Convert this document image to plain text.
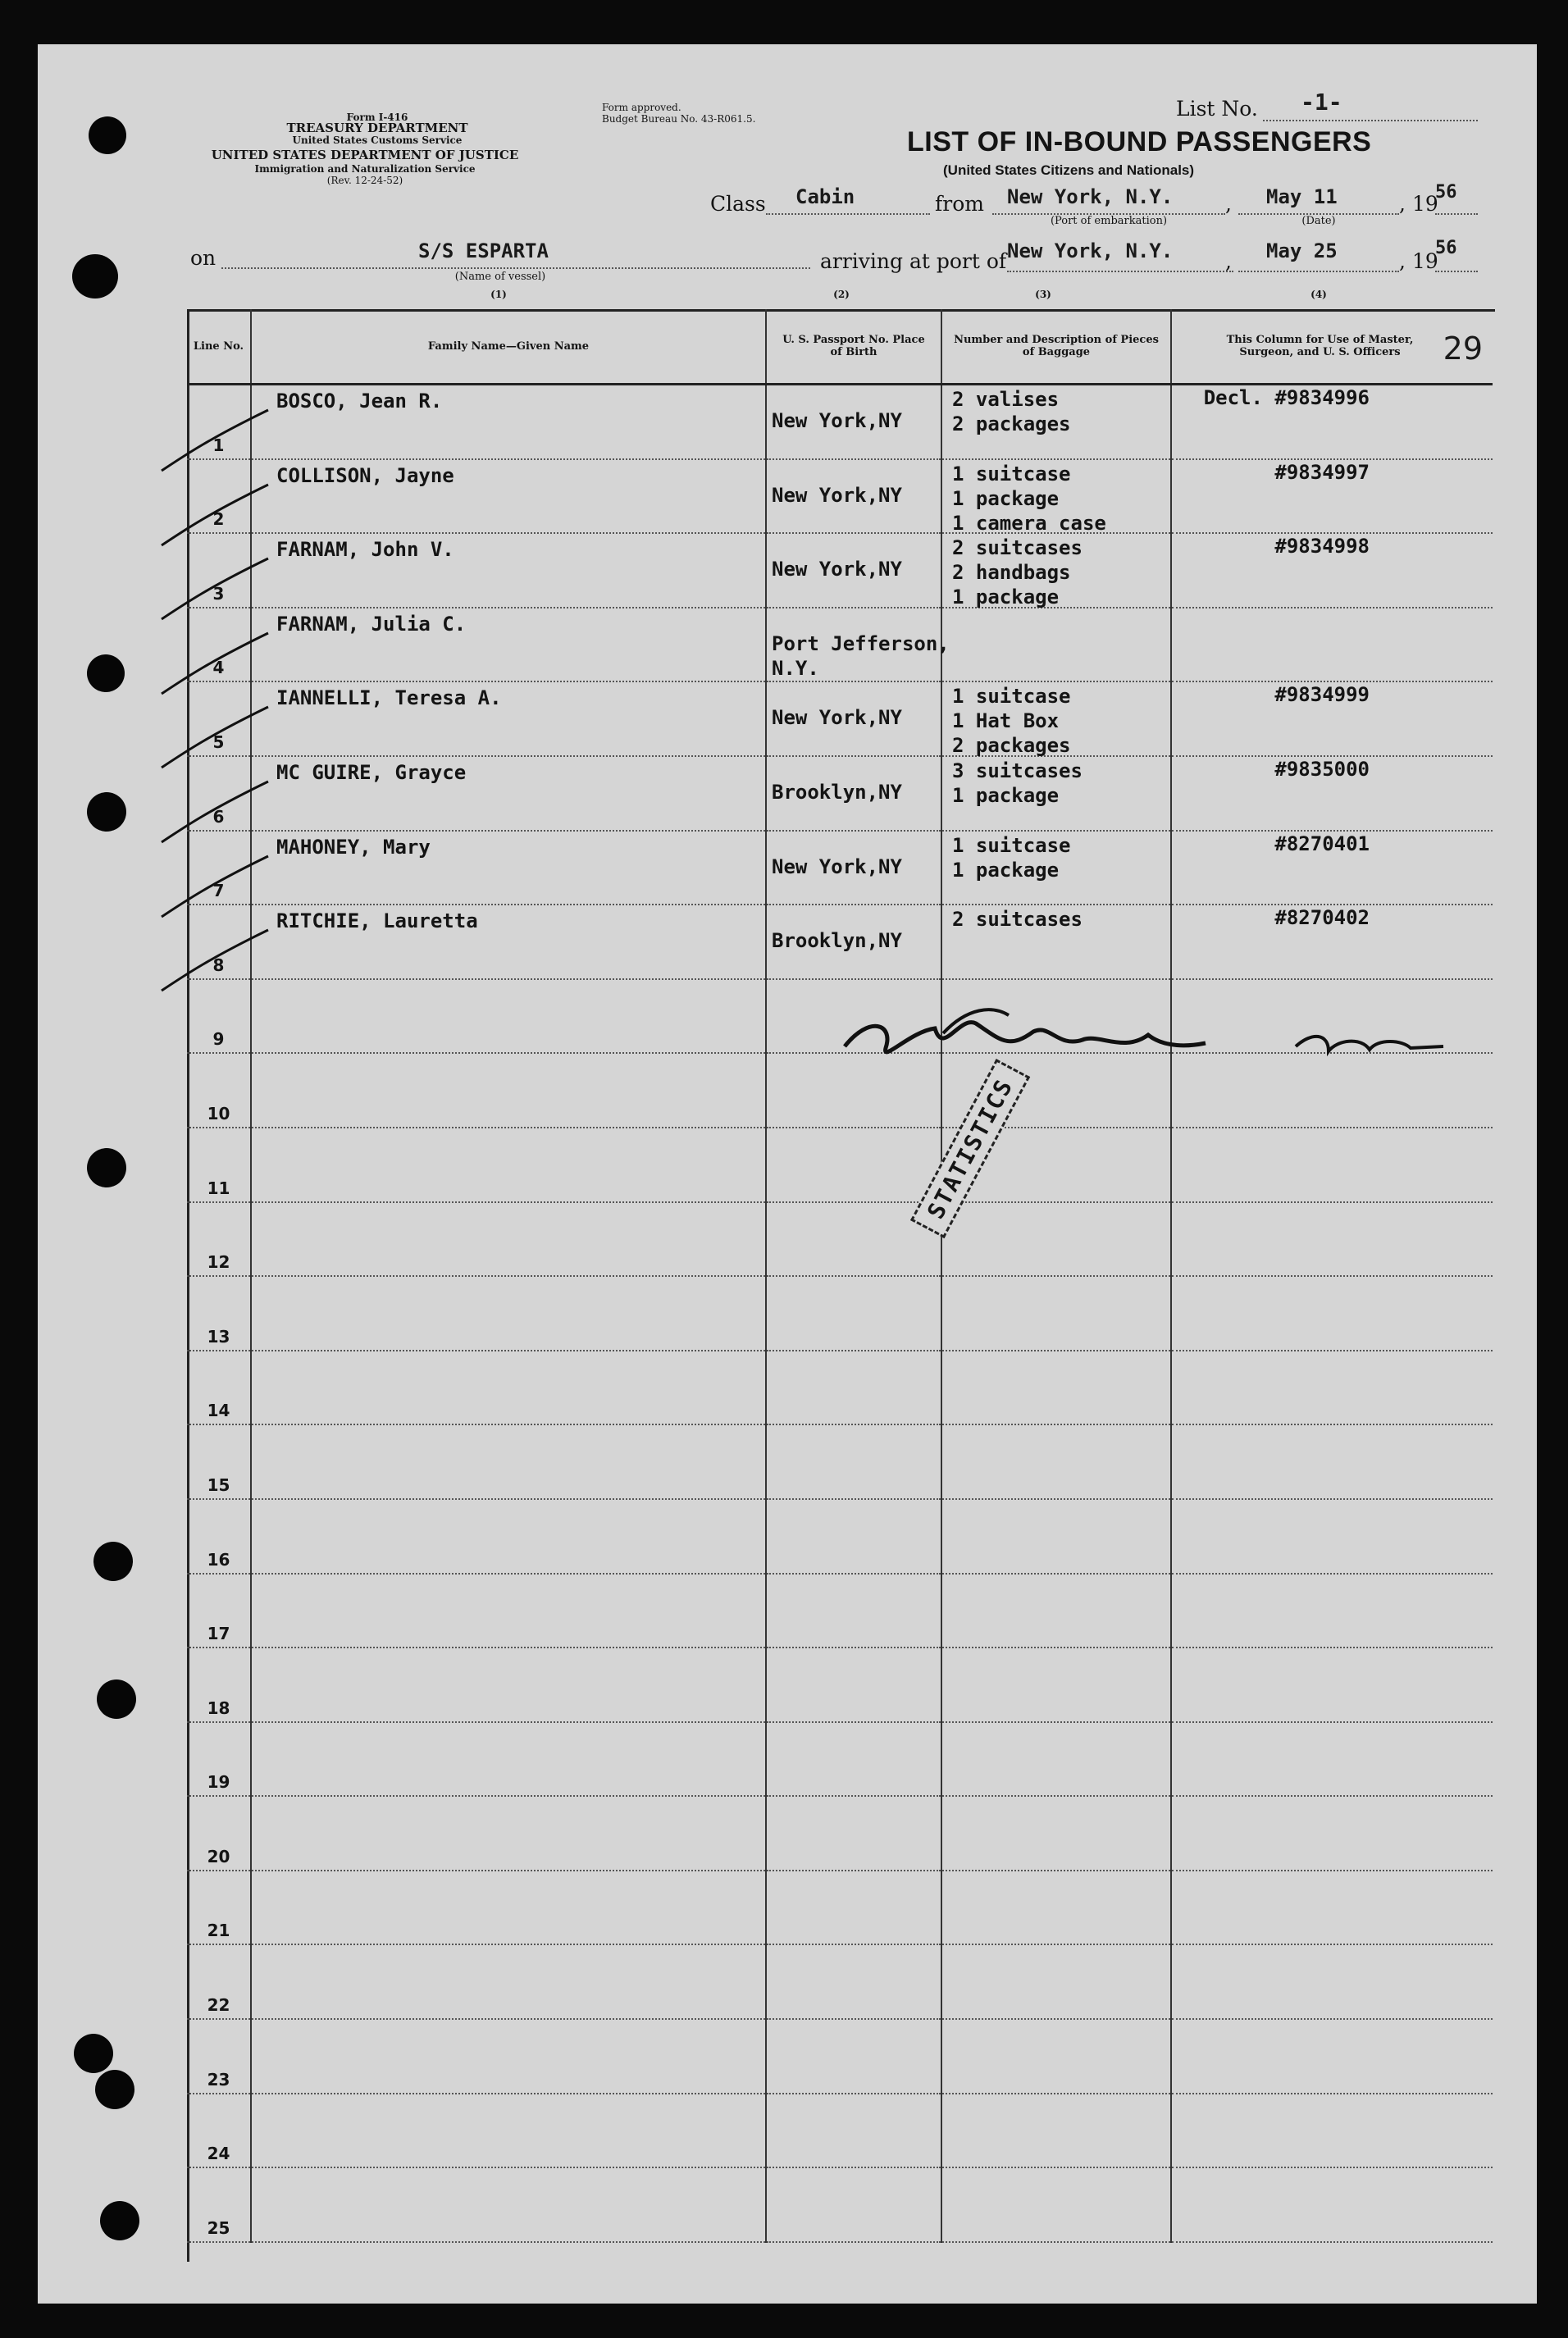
Form I-416
TREASURY DEPARTMENT
United States Customs Service
UNITED STATES DEPARTMENT OF JUSTICE
Immigration and Naturalization Service
(Rev. 12-24-52)
Form approved.
Budget Bureau No. 43-R061.5.	List No. -1-
LIST OF IN-BOUND PASSENGERS
(United States Citizens and Nationals)
Class Cabin	from New York, N.Y.
(Port of embarkation)
, May 11
(Date)
, 19
56
on	S/S ESPARTA
(Name of vessel)
arriving at port of New York, N.Y.	, May 25	, 19
56
(1)	(2)	(3)	(4)
Line No.	Family Name—Given Name	U. S. Passport No. Place of Birth	Number and Description of Pieces of Baggage	This Column for Use of Master, Surgeon, and U. S. Officers 29

1	BOSCO, Jean R.	New York,NY	2 valises
2 packages	Decl. #9834996

2	COLLISON, Jayne	New York,NY	1 suitcase
1 package
1 camera case	#9834997

3	FARNAM, John V.	New York,NY	2 suitcases
2 handbags
1 package	#9834998

4	FARNAM, Julia C.	Port Jefferson,
N.Y.		

5	IANNELLI, Teresa A.	New York,NY	1 suitcase
1 Hat Box
2 packages	#9834999

6	MC GUIRE, Grayce	Brooklyn,NY	3 suitcases
1 package	#9835000

7	MAHONEY, Mary	New York,NY	1 suitcase
1 package	#8270401

8	RITCHIE, Lauretta	Brooklyn,NY	2 suitcases	#8270402

9				

10				

11				

12				

13				

14				

15				

16				

17				

18				

19				

20				

21				

22				

23				

24				

25				

STATISTICS
